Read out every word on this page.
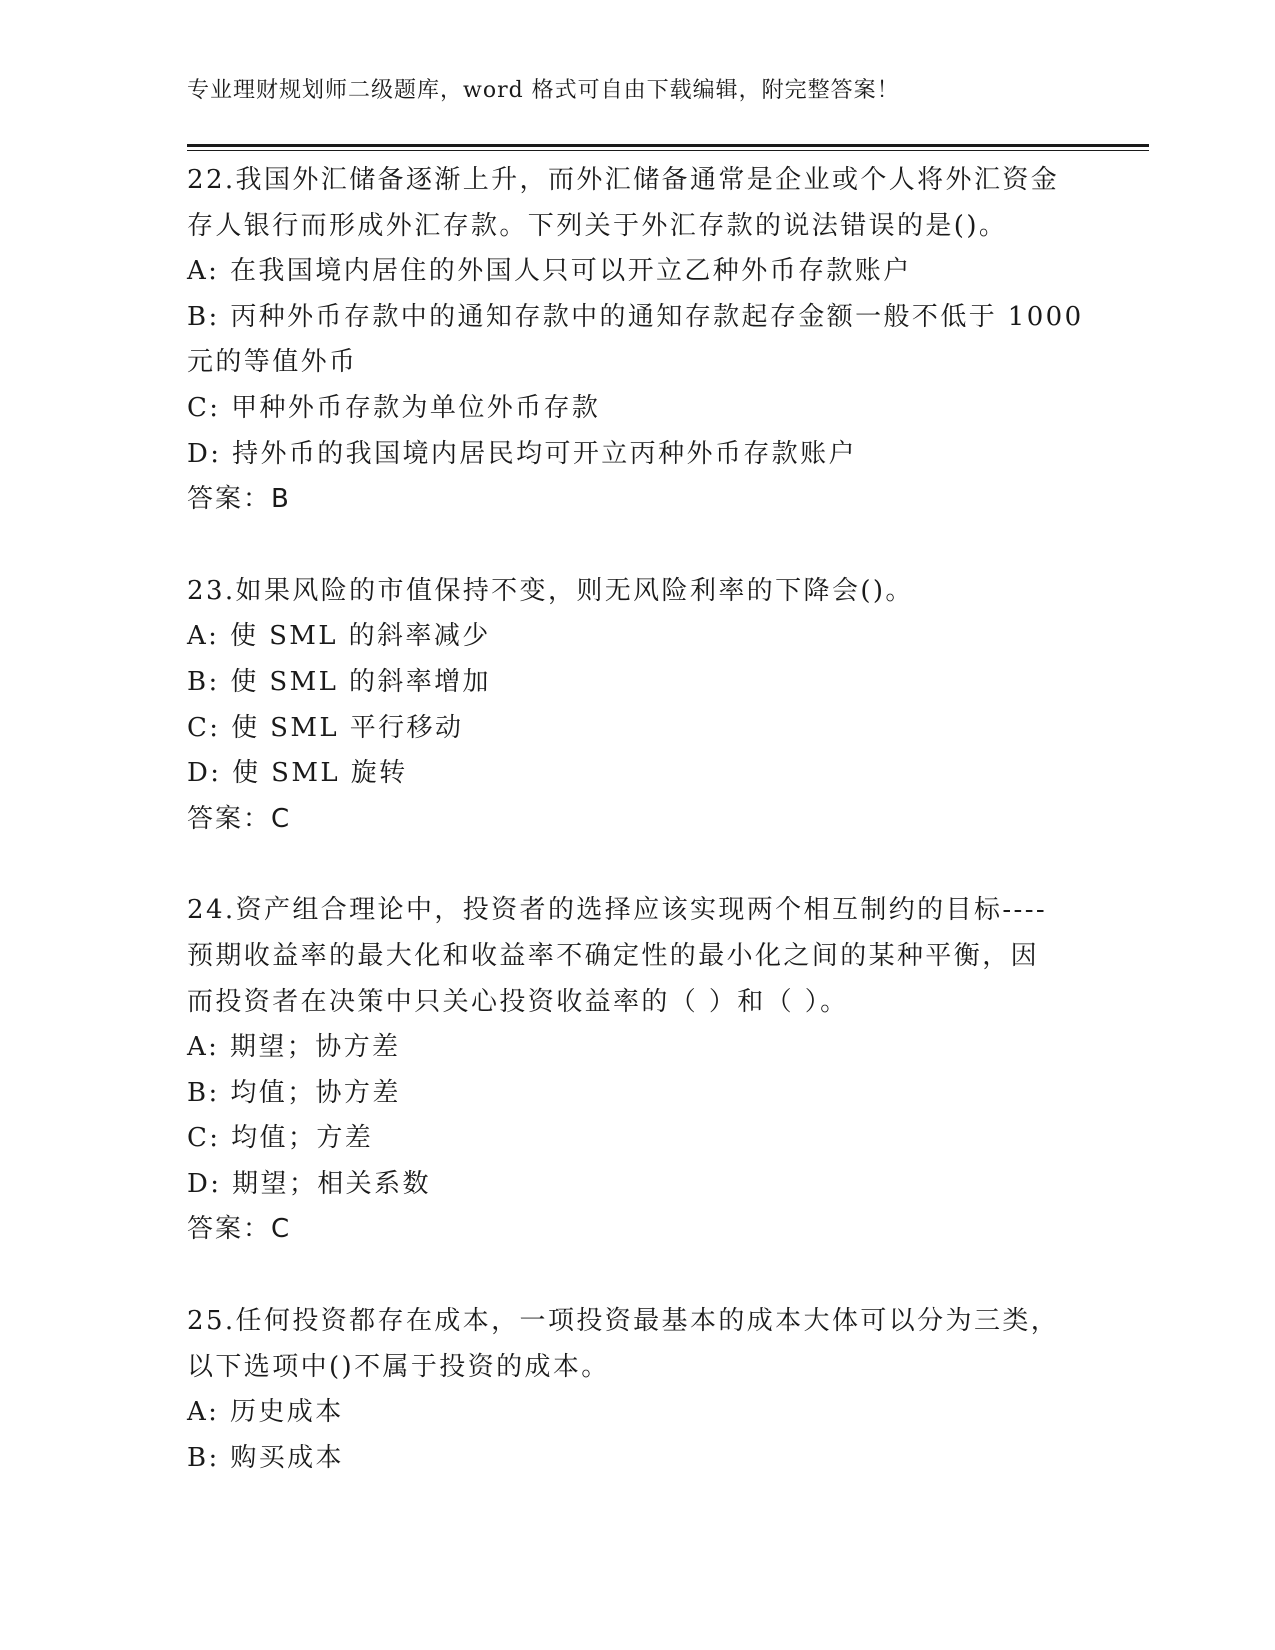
专业理财规划师二级题库，word 格式可自由下载编辑，附完整答案！
22.我国外汇储备逐渐上升，而外汇储备通常是企业或个人将外汇资金
存人银行而形成外汇存款。下列关于外汇存款的说法错误的是()。
A: 在我国境内居住的外国人只可以开立乙种外币存款账户
B: 丙种外币存款中的通知存款中的通知存款起存金额一般不低于 1000
元的等值外币
C: 甲种外币存款为单位外币存款
D: 持外币的我国境内居民均可开立丙种外币存款账户
答案：B
23.如果风险的市值保持不变，则无风险利率的下降会()。
A: 使 SML 的斜率减少
B: 使 SML 的斜率增加
C: 使 SML 平行移动
D: 使 SML 旋转
答案：C
24.资产组合理论中，投资者的选择应该实现两个相互制约的目标----
预期收益率的最大化和收益率不确定性的最小化之间的某种平衡，因
而投资者在决策中只关心投资收益率的（ ）和（ ）。
A: 期望；协方差
B: 均值；协方差
C: 均值；方差
D: 期望；相关系数
答案：C
25.任何投资都存在成本，一项投资最基本的成本大体可以分为三类，
以下选项中()不属于投资的成本。
A: 历史成本
B: 购买成本
